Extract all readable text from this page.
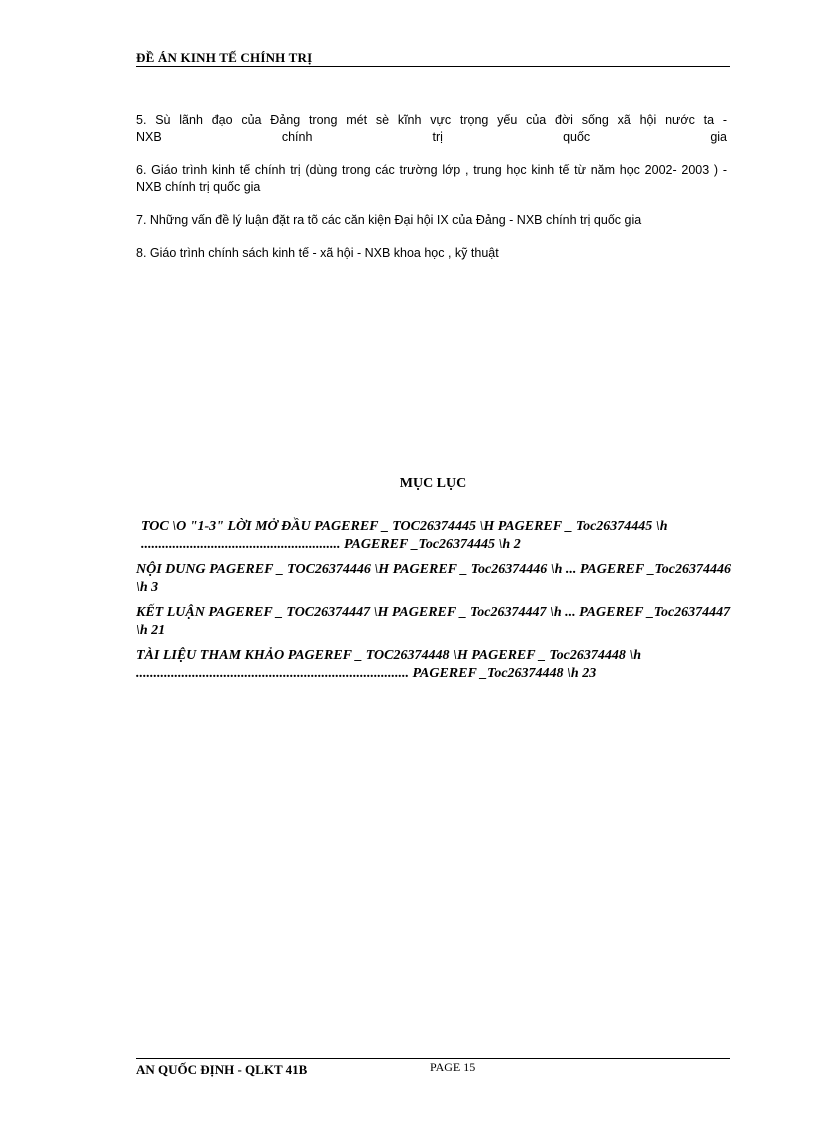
ĐỀ ÁN KINH TẾ CHÍNH TRỊ
5. Sù lãnh đạo của Đảng trong mét sè kĩnh vực trọng yếu của đời sống xã hội nước ta -
NXB chính trị quốc gia
6. Giáo trình kinh tế chính trị (dùng trong các trường lớp , trung học kinh tế từ năm học 2002- 2003 ) - NXB chính trị quốc gia
7. Những vấn đề lý luận đặt ra tõ các căn kiện Đại hội IX của Đảng - NXB chính trị quốc gia
8. Giáo trình chính sách kinh tế - xã hội - NXB khoa học , kỹ thuật
MỤC LỤC
TOC \O "1-3" LỜI MỞ ĐẦU PAGEREF _ TOC26374445 \H PAGEREF _ Toc26374445 \h ......................................................... PAGEREF _Toc26374445 \h 2
NỘI DUNG PAGEREF _ TOC26374446 \H PAGEREF _ Toc26374446 \h ... PAGEREF _Toc26374446 \h 3
KẾT LUẬN PAGEREF _ TOC26374447 \H PAGEREF _ Toc26374447 \h ... PAGEREF _Toc26374447 \h 21
TÀI LIỆU THAM KHẢO PAGEREF _ TOC26374448 \H PAGEREF _ Toc26374448 \h .............................................................................. PAGEREF _Toc26374448 \h 23
AN QUỐC ĐỊNH - QLKT 41B	PAGE 15
